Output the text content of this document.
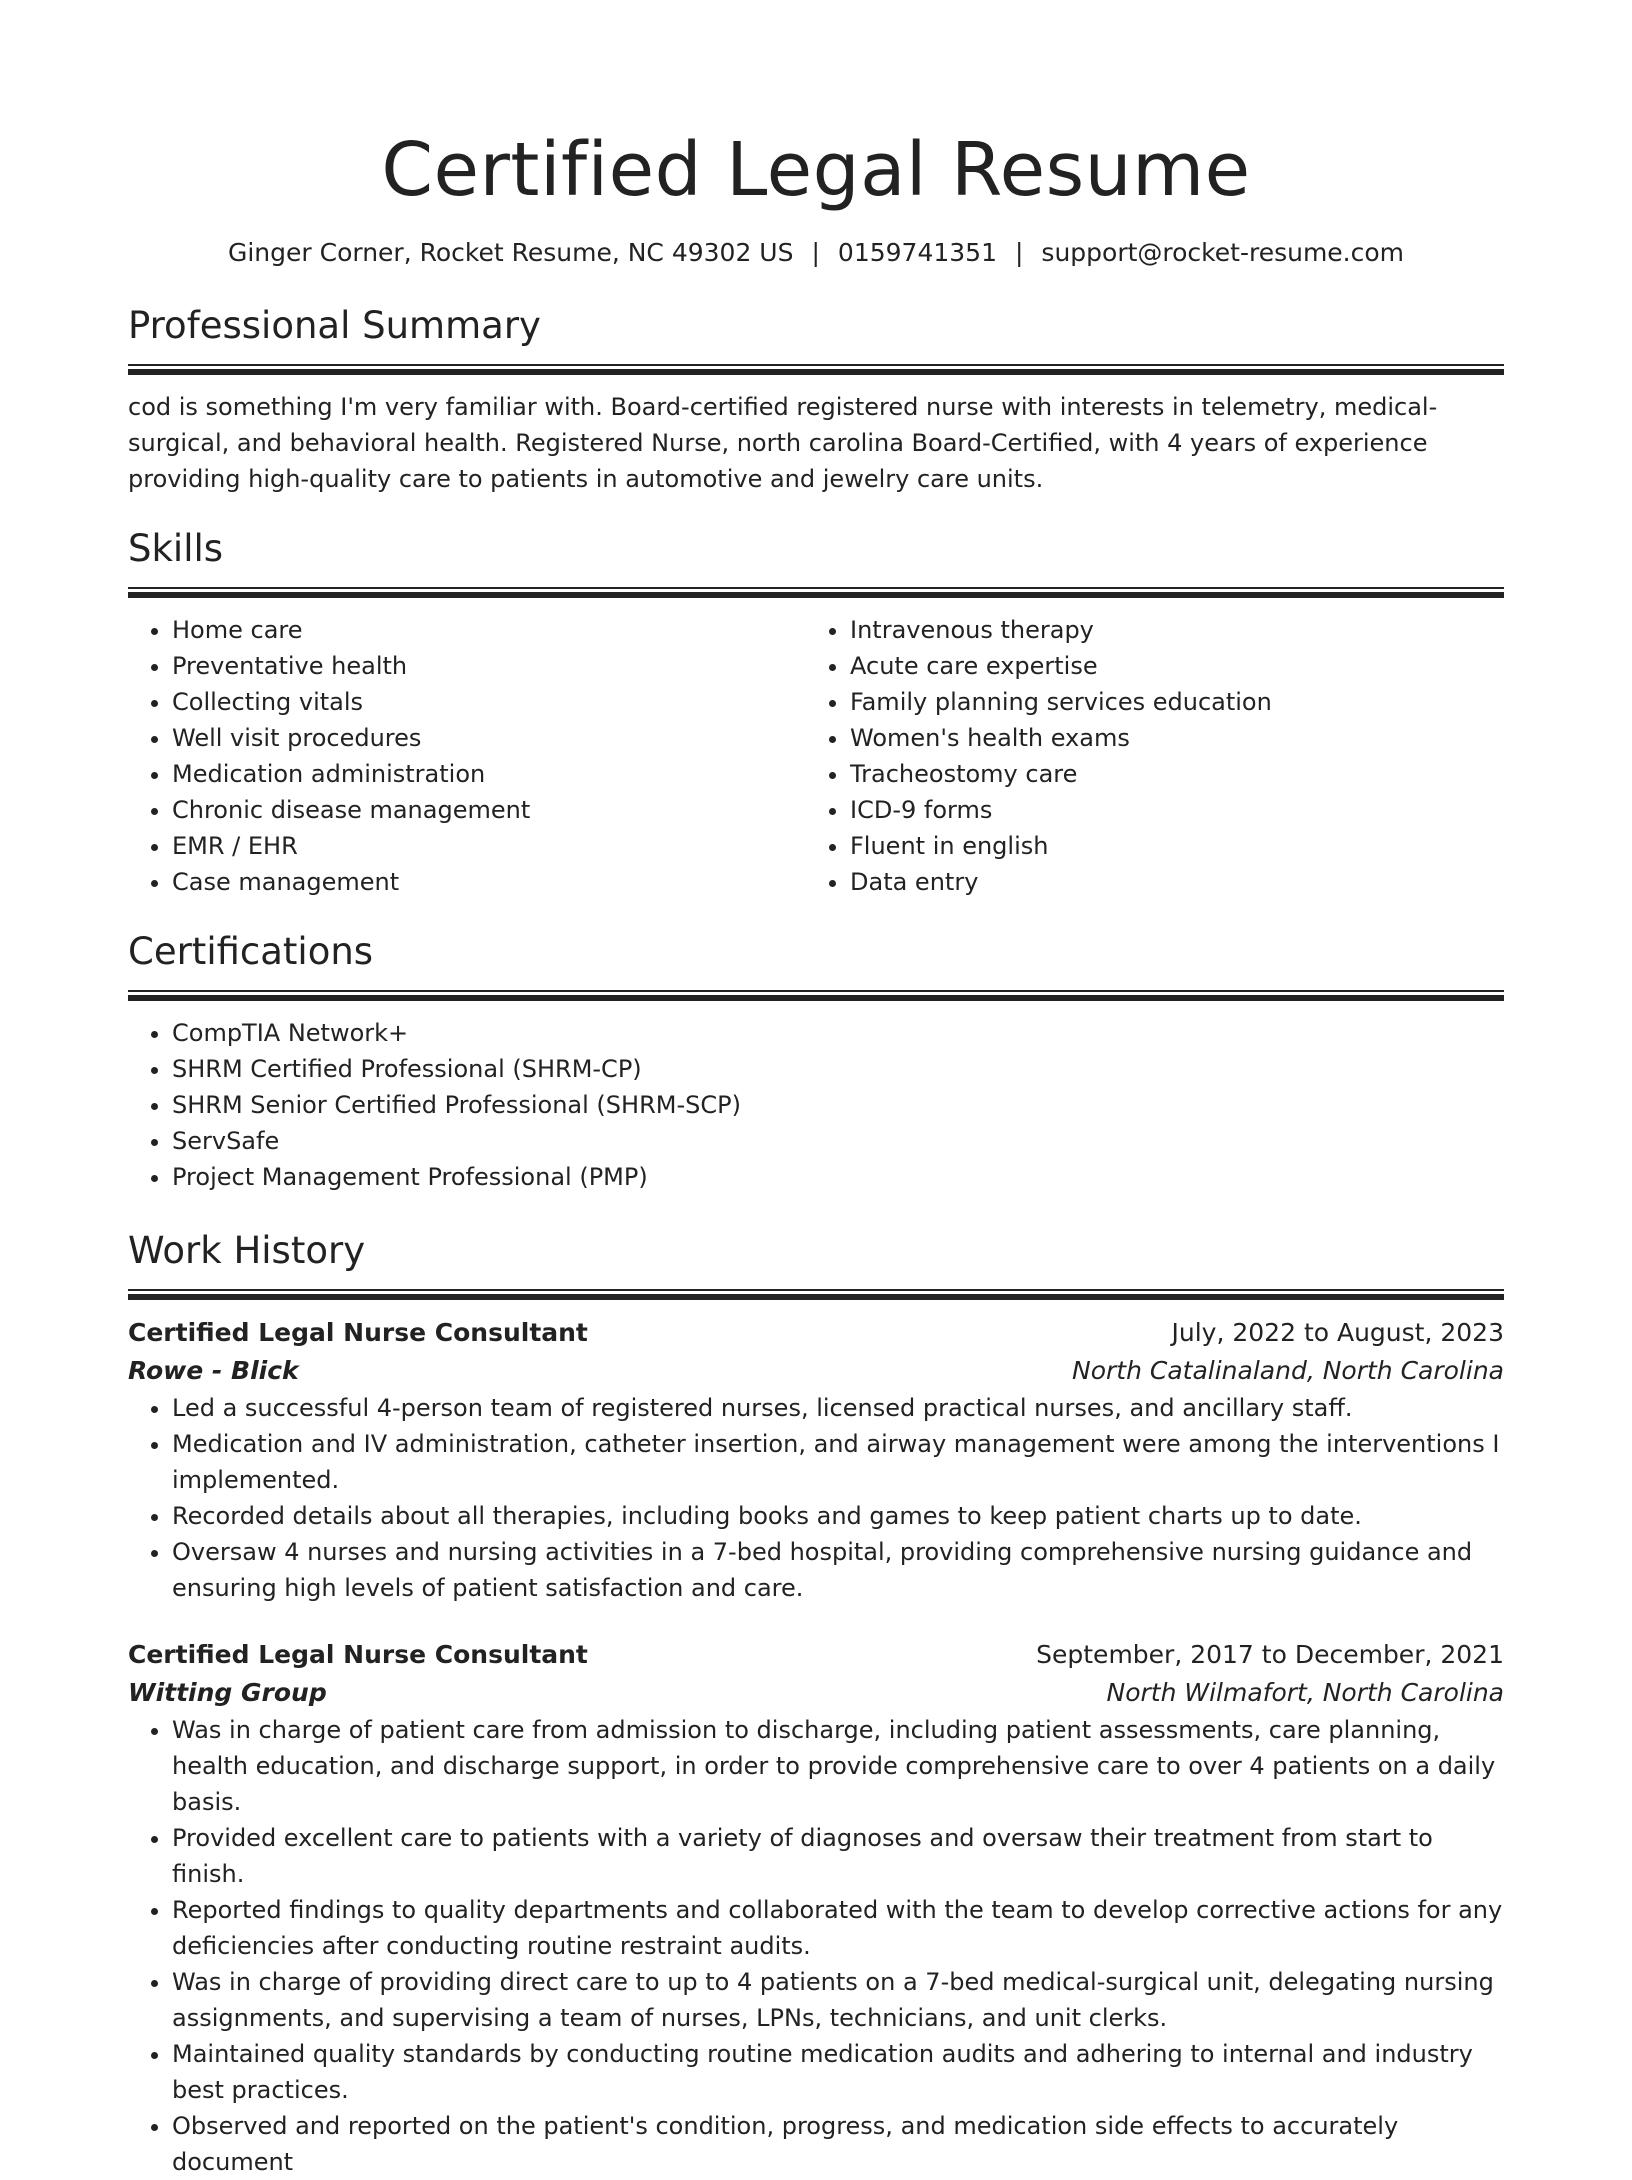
Certified Legal Resume
Ginger Corner, Rocket Resume, NC 49302 US | 0159741351 | support@rocket-resume.com
Professional Summary
cod is something I'm very familiar with. Board-certified registered nurse with interests in telemetry, medical-surgical, and behavioral health. Registered Nurse, north carolina Board-Certified, with 4 years of experience providing high-quality care to patients in automotive and jewelry care units.
Skills
• Home care
• Preventative health
• Collecting vitals
• Well visit procedures
• Medication administration
• Chronic disease management
• EMR / EHR
• Case management
• Intravenous therapy
• Acute care expertise
• Family planning services education
• Women's health exams
• Tracheostomy care
• ICD-9 forms
• Fluent in english
• Data entry
Certifications
• CompTIA Network+
• SHRM Certified Professional (SHRM-CP)
• SHRM Senior Certified Professional (SHRM-SCP)
• ServSafe
• Project Management Professional (PMP)
Work History
Certified Legal Nurse Consultant	July, 2022 to August, 2023
Rowe - Blick	North Catalinaland, North Carolina
• Led a successful 4-person team of registered nurses, licensed practical nurses, and ancillary staff.
• Medication and IV administration, catheter insertion, and airway management were among the interventions I implemented.
• Recorded details about all therapies, including books and games to keep patient charts up to date.
• Oversaw 4 nurses and nursing activities in a 7-bed hospital, providing comprehensive nursing guidance and ensuring high levels of patient satisfaction and care.
Certified Legal Nurse Consultant	September, 2017 to December, 2021
Witting Group	North Wilmafort, North Carolina
• Was in charge of patient care from admission to discharge, including patient assessments, care planning, health education, and discharge support, in order to provide comprehensive care to over 4 patients on a daily basis.
• Provided excellent care to patients with a variety of diagnoses and oversaw their treatment from start to finish.
• Reported findings to quality departments and collaborated with the team to develop corrective actions for any deficiencies after conducting routine restraint audits.
• Was in charge of providing direct care to up to 4 patients on a 7-bed medical-surgical unit, delegating nursing assignments, and supervising a team of nurses, LPNs, technicians, and unit clerks.
• Maintained quality standards by conducting routine medication audits and adhering to internal and industry best practices.
• Observed and reported on the patient's condition, progress, and medication side effects to accurately document
